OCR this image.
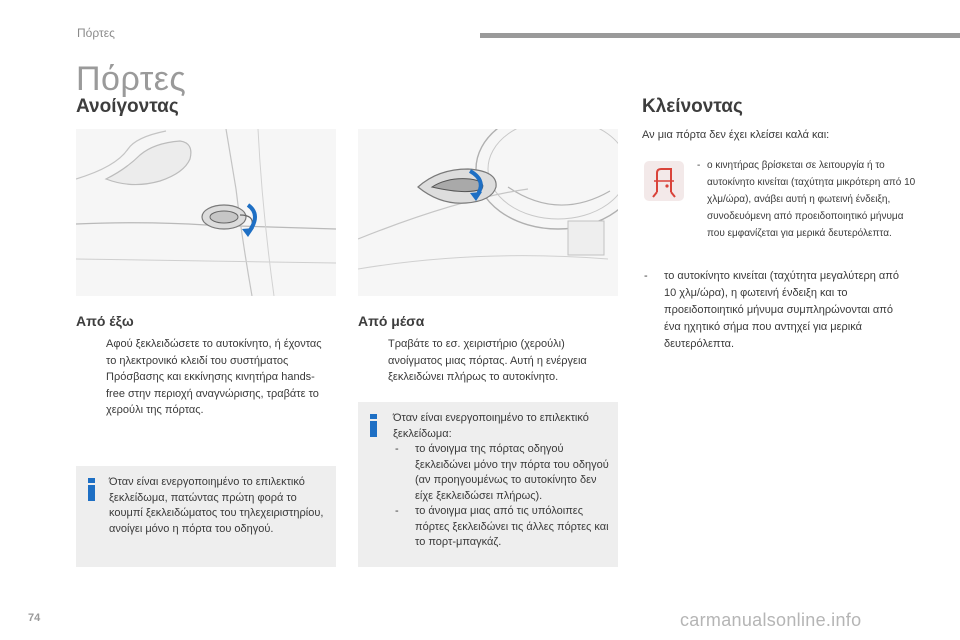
Πόρτες
Πόρτες
Ανοίγοντας
Από έξω
Αφού ξεκλειδώσετε το αυτοκίνητο, ή έχοντας το ηλεκτρονικό κλειδί του συστήματος Πρόσβασης και εκκίνησης κινητήρα hands-free στην περιοχή αναγνώρισης, τραβάτε το χερούλι της πόρτας.
Όταν είναι ενεργοποιημένο το επιλεκτικό ξεκλείδωμα, πατώντας πρώτη φορά το κουμπί ξεκλειδώματος του τηλεχειριστηρίου, ανοίγει μόνο η πόρτα του οδηγού.
Από μέσα
Τραβάτε το εσ. χειριστήριο (χερούλι) ανοίγματος μιας πόρτας. Αυτή η ενέργεια ξεκλειδώνει πλήρως το αυτοκίνητο.
Όταν είναι ενεργοποιημένο το επιλεκτικό ξεκλείδωμα:
- το άνοιγμα της πόρτας οδηγού ξεκλειδώνει μόνο την πόρτα του οδηγού (αν προηγουμένως το αυτοκίνητο δεν είχε ξεκλειδώσει πλήρως).
- το άνοιγμα μιας από τις υπόλοιπες πόρτες ξεκλειδώνει τις άλλες πόρτες και το πορτ-μπαγκάζ.
Κλείνοντας
Αν μια πόρτα δεν έχει κλείσει καλά και:
- ο κινητήρας βρίσκεται σε λειτουργία ή το αυτοκίνητο κινείται (ταχύτητα μικρότερη από 10 χλμ/ώρα), ανάβει αυτή η φωτεινή ένδειξη, συνοδευόμενη από προειδοποιητικό μήνυμα που εμφανίζεται για μερικά δευτερόλεπτα.
- το αυτοκίνητο κινείται (ταχύτητα μεγαλύτερη από 10 χλμ/ώρα), η φωτεινή ένδειξη και το προειδοποιητικό μήνυμα συμπληρώνονται από ένα ηχητικό σήμα που αντηχεί για μερικά δευτερόλεπτα.
74	carmanualsonline.info
